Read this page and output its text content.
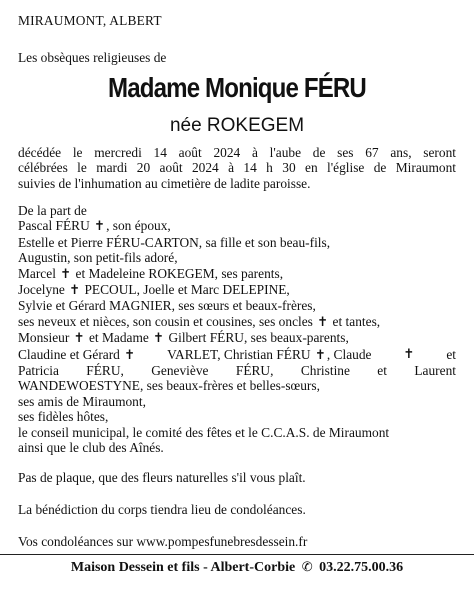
MIRAUMONT, ALBERT
Les obsèques religieuses de
Madame Monique FÉRU
née ROKEGEM
décédée le mercredi 14 août 2024 à l'aube de ses 67 ans, seront
célébrées le mardi 20 août 2024 à 14 h 30 en l'église de Miraumont
suivies de l'inhumation au cimetière de ladite paroisse.
De la part de
Pascal FÉRU ✝, son époux,
Estelle et Pierre FÉRU-CARTON, sa fille et son beau-fils,
Augustin, son petit-fils adoré,
Marcel ✝ et Madeleine ROKEGEM, ses parents,
Jocelyne ✝ PECOUL, Joelle et Marc DELEPINE,
Sylvie et Gérard MAGNIER, ses sœurs et beaux-frères,
ses neveux et nièces, son cousin et cousines, ses oncles ✝ et tantes,
Monsieur ✝ et Madame ✝ Gilbert FÉRU, ses beaux-parents,
Claudine et Gérard ✝ VARLET, Christian FÉRU ✝, Claude ✝ et
Patricia FÉRU, Geneviève FÉRU, Christine et Laurent
WANDEWOESTYNE, ses beaux-frères et belles-sœurs,
ses amis de Miraumont,
ses fidèles hôtes,
le conseil municipal, le comité des fêtes et le C.C.A.S. de Miraumont
ainsi que le club des Aînés.
Pas de plaque, que des fleurs naturelles s'il vous plaît.
La bénédiction du corps tiendra lieu de condoléances.
Vos condoléances sur www.pompesfunebresdessein.fr
Maison Dessein et fils - Albert-Corbie ✆ 03.22.75.00.36
